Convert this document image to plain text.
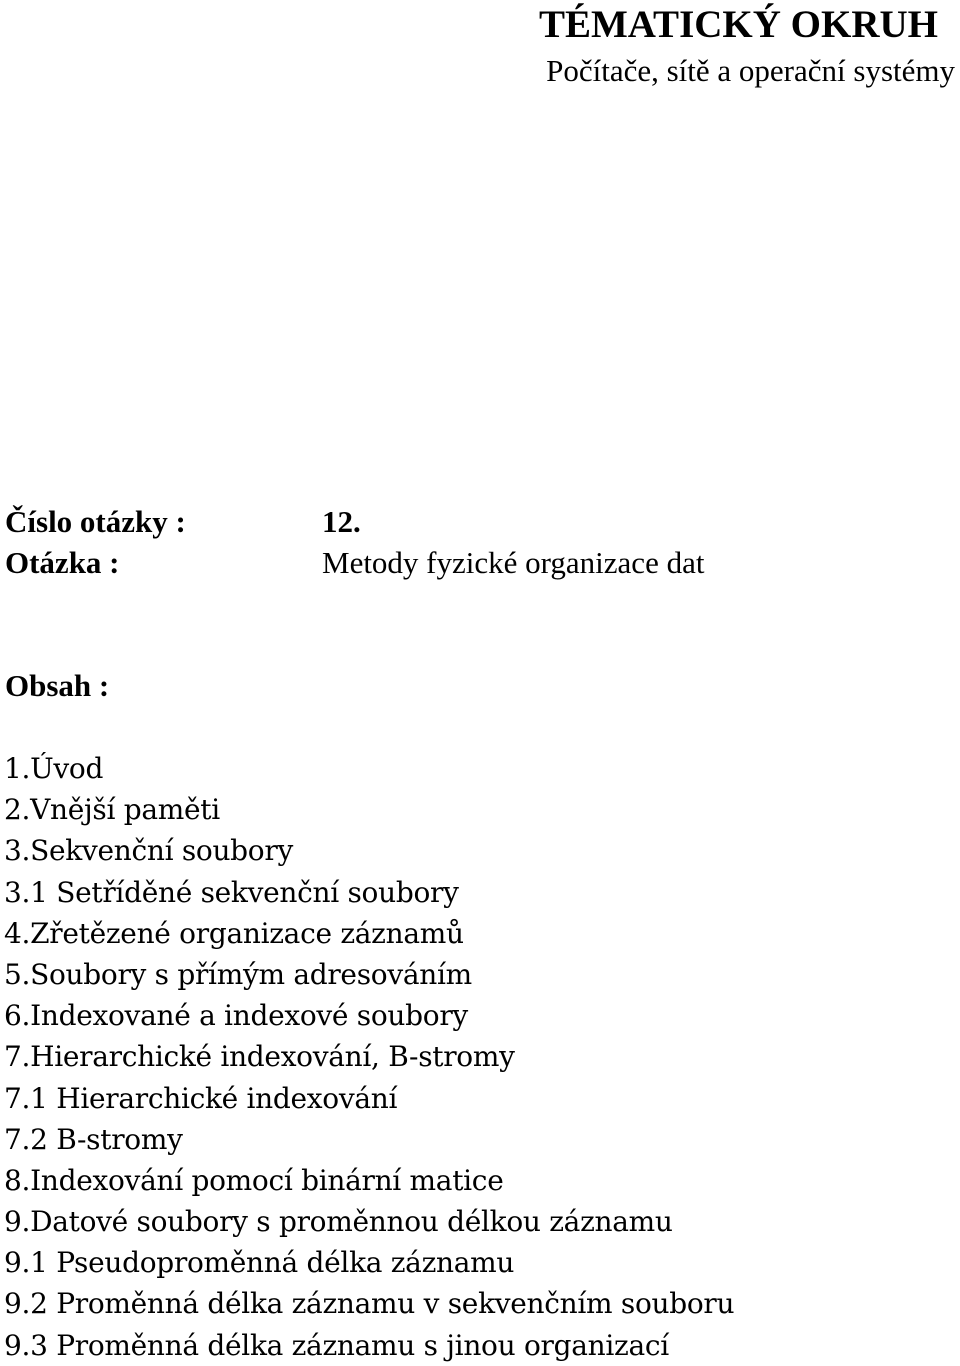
TÉMATICKÝ OKRUH
Počítače, sítě a operační systémy
Číslo otázky :	12.
Otázka :	Metody fyzické organizace dat
Obsah :
1.Úvod
2.Vnější paměti
3.Sekvenční soubory
3.1 Setříděné sekvenční soubory
4.Zřetězené organizace záznamů
5.Soubory s přímým adresováním
6.Indexované a indexové soubory
7.Hierarchické indexování, B-stromy
7.1 Hierarchické indexování
7.2 B-stromy
8.Indexování pomocí binární matice
9.Datové soubory s proměnnou délkou záznamu
9.1 Pseudoproměnná délka záznamu
9.2 Proměnná délka záznamu v sekvenčním souboru
9.3 Proměnná délka záznamu s jinou organizací
